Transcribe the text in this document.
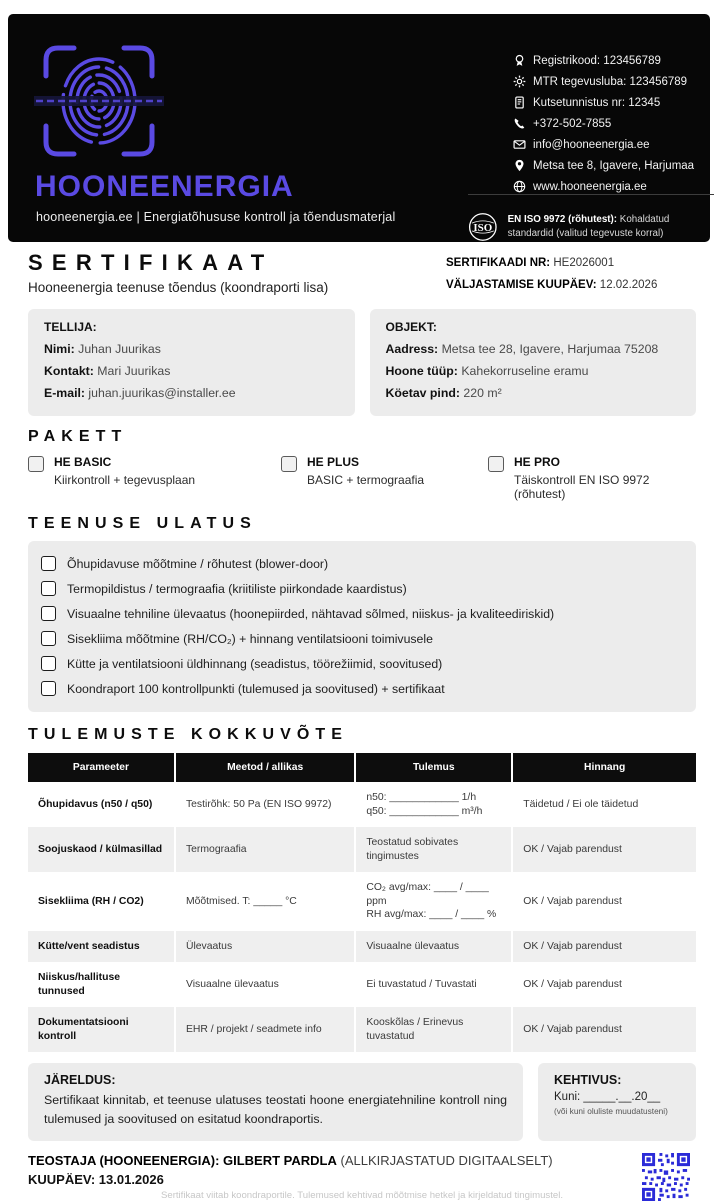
HOONEENERGIA
hooneenergia.ee | Energiatõhususe kontroll ja tõendusmaterjal
Registrikood: 123456789
MTR tegevusluba: 123456789
Kutsetunnistus nr: 12345
+372-502-7855
info@hooneenergia.ee
Metsa tee 8, Igavere, Harjumaa
www.hooneenergia.ee
ISO
EN ISO 9972 (rõhutest): Kohaldatud standardid (valitud tegevuste korral)
SERTIFIKAAT
Hooneenergia teenuse tõendus (koondraporti lisa)
SERTIFIKAADI NR: HE2026001
VÄLJASTAMISE KUUPÄEV: 12.02.2026
TELLIJA:
Nimi: Juhan Juurikas
Kontakt: Mari Juurikas
E-mail: juhan.juurikas@installer.ee
OBJEKT:
Aadress: Metsa tee 28, Igavere, Harjumaa 75208
Hoone tüüp: Kahekorruseline eramu
Köetav pind: 220 m²
PAKETT
HE BASIC
Kiirkontroll + tegevusplaan
HE PLUS
BASIC + termograafia
HE PRO
Täiskontroll EN ISO 9972 (rõhutest)
TEENUSE ULATUS
Õhupidavuse mõõtmine / rõhutest (blower-door)
Termopildistus / termograafia (kriitiliste piirkondade kaardistus)
Visuaalne tehniline ülevaatus (hoonepiirded, nähtavad sõlmed, niiskus- ja kvaliteediriskid)
Sisekliima mõõtmine (RH/CO₂) + hinnang ventilatsiooni toimivusele
Kütte ja ventilatsiooni üldhinnang (seadistus, töörežiimid, soovitused)
Koondraport 100 kontrollpunkti (tulemused ja soovitused) + sertifikaat
TULEMUSTE KOKKUVÕTE
Parameeter	Meetod / allikas	Tulemus	Hinnang
Õhupidavus (n50 / q50)	Testirõhk: 50 Pa (EN ISO 9972)	n50: ____________ 1/h
q50: ____________ m³/h	Täidetud / Ei ole täidetud
Soojuskaod / külmasillad	Termograafia	Teostatud sobivates tingimustes	OK / Vajab parendust
Sisekliima (RH / CO2)	Mõõtmised. T: _____ °C	CO₂ avg/max: ____ / ____ ppm
RH avg/max: ____ / ____ %	OK / Vajab parendust
Kütte/vent seadistus	Ülevaatus	Visuaalne ülevaatus	OK / Vajab parendust
Niiskus/hallituse tunnused	Visuaalne ülevaatus	Ei tuvastatud / Tuvastati	OK / Vajab parendust
Dokumentatsiooni kontroll	EHR / projekt / seadmete info	Kooskõlas / Erinevus tuvastatud	OK / Vajab parendust
JÄRELDUS:
Sertifikaat kinnitab, et teenuse ulatuses teostati hoone energiatehniline kontroll ning tulemused ja soovitused on esitatud koondraportis.
KEHTIVUS:
Kuni: _____.__.20__
(või kuni oluliste muudatusteni)
TEOSTAJA (HOONEENERGIA): GILBERT PARDLA (ALLKIRJASTATUD DIGITAALSELT)
KUUPÄEV: 13.01.2026
Sertifikaat viitab koondraportile. Tulemused kehtivad mõõtmise hetkel ja kirjeldatud tingimustel.
